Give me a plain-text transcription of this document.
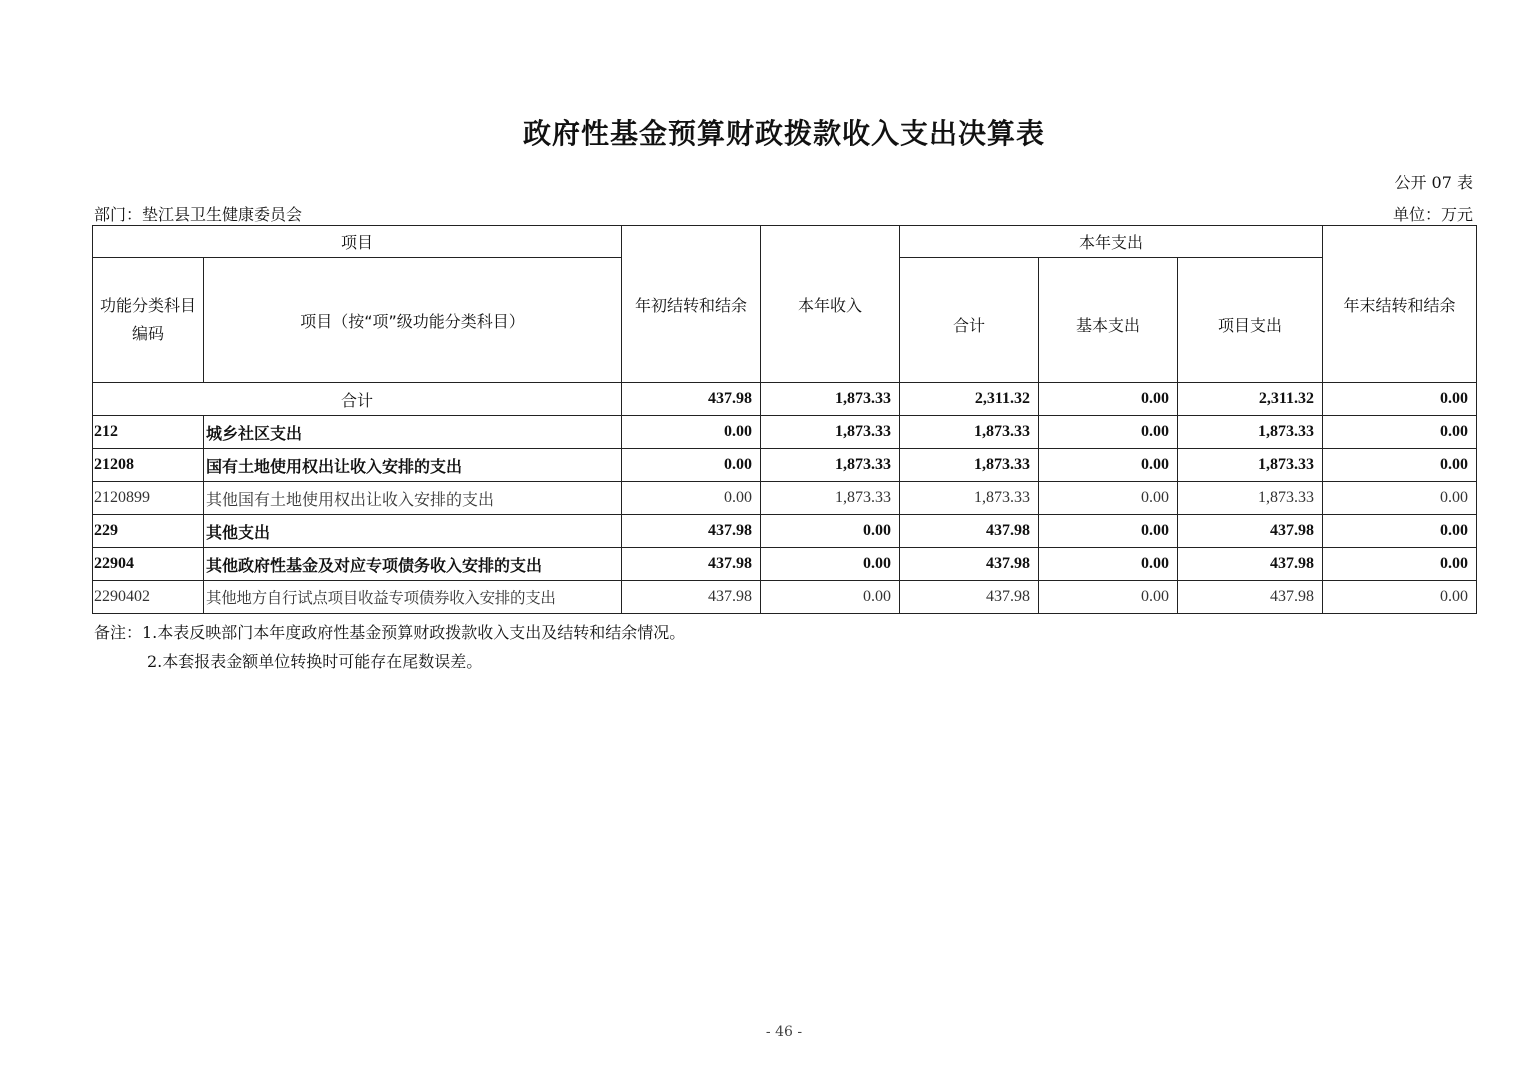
政府性基金预算财政拨款收入支出决算表
公开 07 表
部门：垫江县卫生健康委员会	单位：万元
项目		年初结转和结余	本年收入	本年支出			年末结转和结余
功能分类科目编码	项目（按“项”级功能分类科目）			合计	基本支出	项目支出	
合计		437.98	1,873.33	2,311.32	0.00	2,311.32	0.00
212	城乡社区支出	0.00	1,873.33	1,873.33	0.00	1,873.33	0.00
21208	国有土地使用权出让收入安排的支出	0.00	1,873.33	1,873.33	0.00	1,873.33	0.00
2120899	其他国有土地使用权出让收入安排的支出	0.00	1,873.33	1,873.33	0.00	1,873.33	0.00
229	其他支出	437.98	0.00	437.98	0.00	437.98	0.00
22904	其他政府性基金及对应专项债务收入安排的支出	437.98	0.00	437.98	0.00	437.98	0.00
2290402	其他地方自行试点项目收益专项债券收入安排的支出	437.98	0.00	437.98	0.00	437.98	0.00
备注：1.本表反映部门本年度政府性基金预算财政拨款收入支出及结转和结余情况。
2.本套报表金额单位转换时可能存在尾数误差。
- 46 -
